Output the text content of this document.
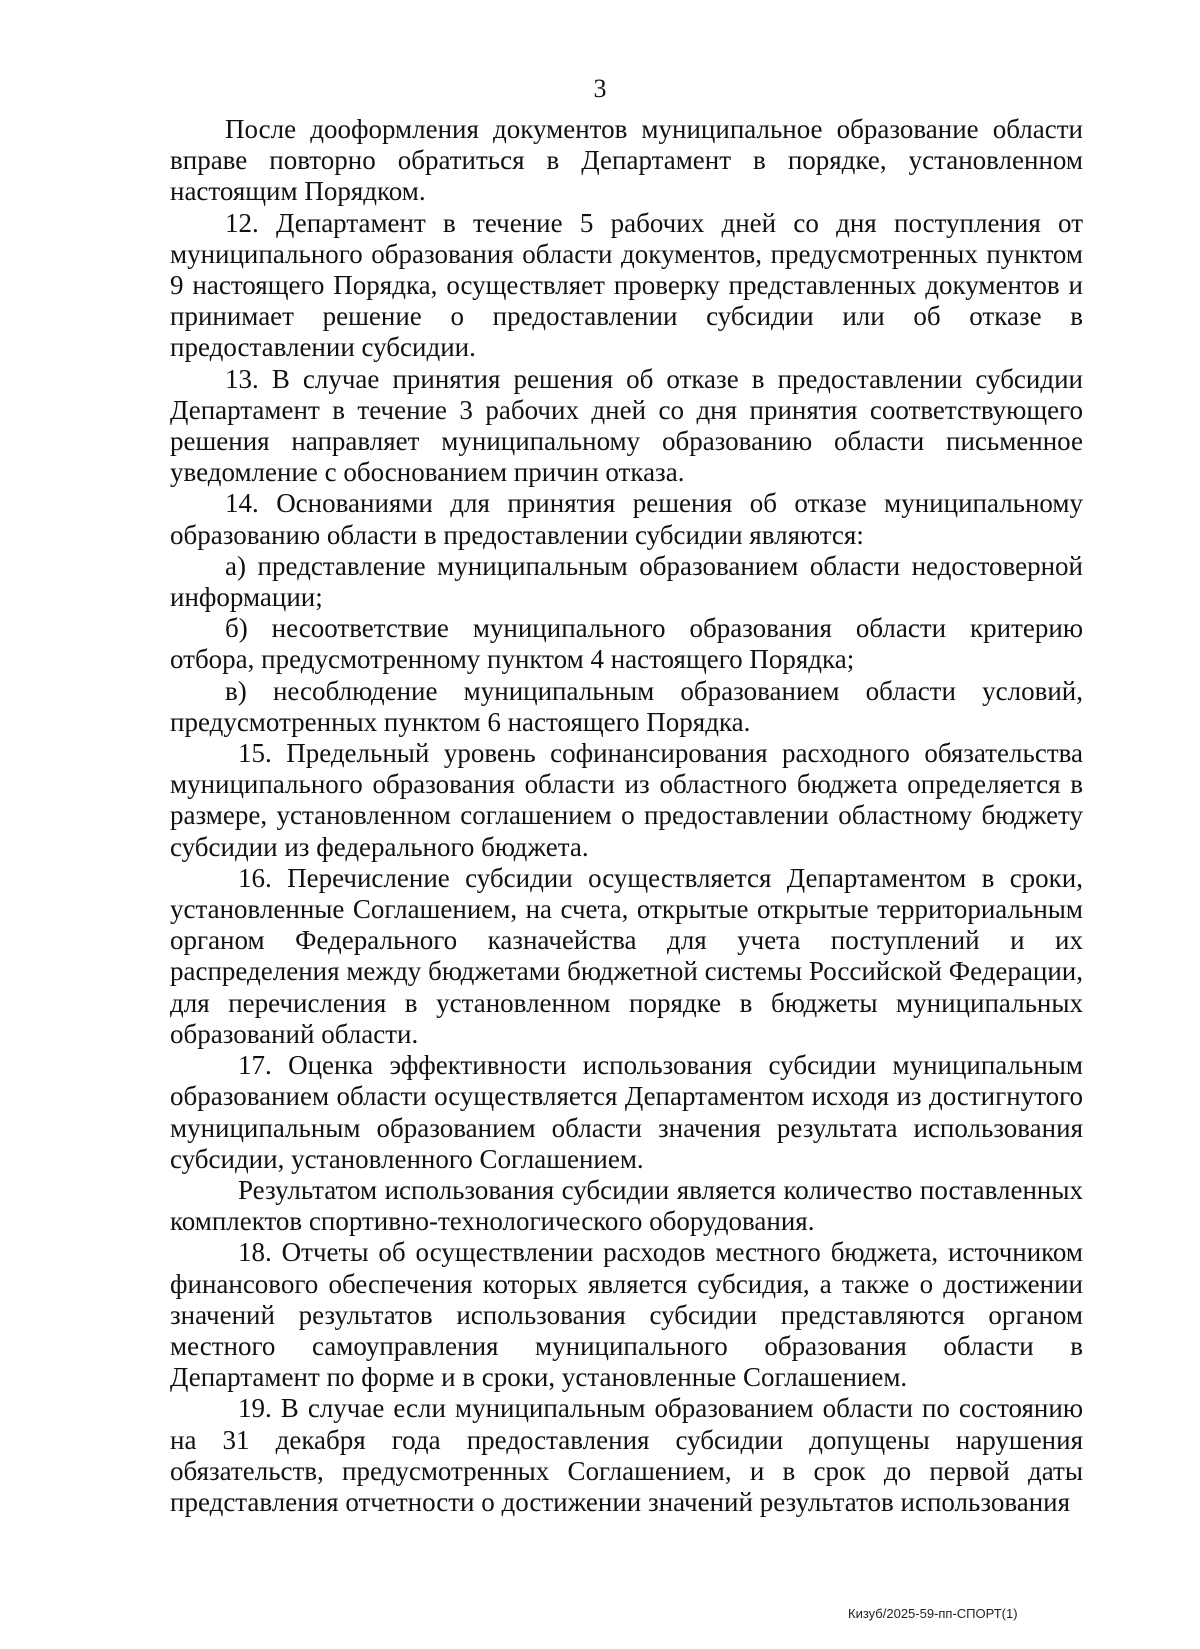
3

После дооформления документов муниципальное образование области вправе повторно обратиться в Департамент в порядке, установленном настоящим Порядком.

12. Департамент в течение 5 рабочих дней со дня поступления от муниципального образования области документов, предусмотренных пунктом 9 настоящего Порядка, осуществляет проверку представленных документов и принимает решение о предоставлении субсидии или об отказе в предоставлении субсидии.

13. В случае принятия решения об отказе в предоставлении субсидии Департамент в течение 3 рабочих дней со дня принятия соответствующего решения направляет муниципальному образованию области письменное уведомление с обоснованием причин отказа.

14. Основаниями для принятия решения об отказе муниципальному образованию области в предоставлении субсидии являются:

а) представление муниципальным образованием области недостоверной информации;

б) несоответствие муниципального образования области критерию отбора, предусмотренному пунктом 4 настоящего Порядка;

в) несоблюдение муниципальным образованием области условий, предусмотренных пунктом 6 настоящего Порядка.

15. Предельный уровень софинансирования расходного обязательства муниципального образования области из областного бюджета определяется в размере, установленном соглашением о предоставлении областному бюджету субсидии из федерального бюджета.

16. Перечисление субсидии осуществляется Департаментом в сроки, установленные Соглашением, на счета, открытые открытые территориальным органом Федерального казначейства для учета поступлений и их распределения между бюджетами бюджетной системы Российской Федерации, для перечисления в установленном порядке в бюджеты муниципальных образований области.

17. Оценка эффективности использования субсидии муниципальным образованием области осуществляется Департаментом исходя из достигнутого муниципальным образованием области значения результата использования субсидии, установленного Соглашением.

Результатом использования субсидии является количество поставленных комплектов спортивно-технологического оборудования.

18. Отчеты об осуществлении расходов местного бюджета, источником финансового обеспечения которых является субсидия, а также о достижении значений результатов использования субсидии представляются органом местного самоуправления муниципального образования области в Департамент по форме и в сроки, установленные Соглашением.

19. В случае если муниципальным образованием области по состоянию на 31 декабря года предоставления субсидии допущены нарушения обязательств, предусмотренных Соглашением, и в срок до первой даты представления отчетности о достижении значений результатов использования

Кизуб/2025-59-пп-СПОРТ(1)
